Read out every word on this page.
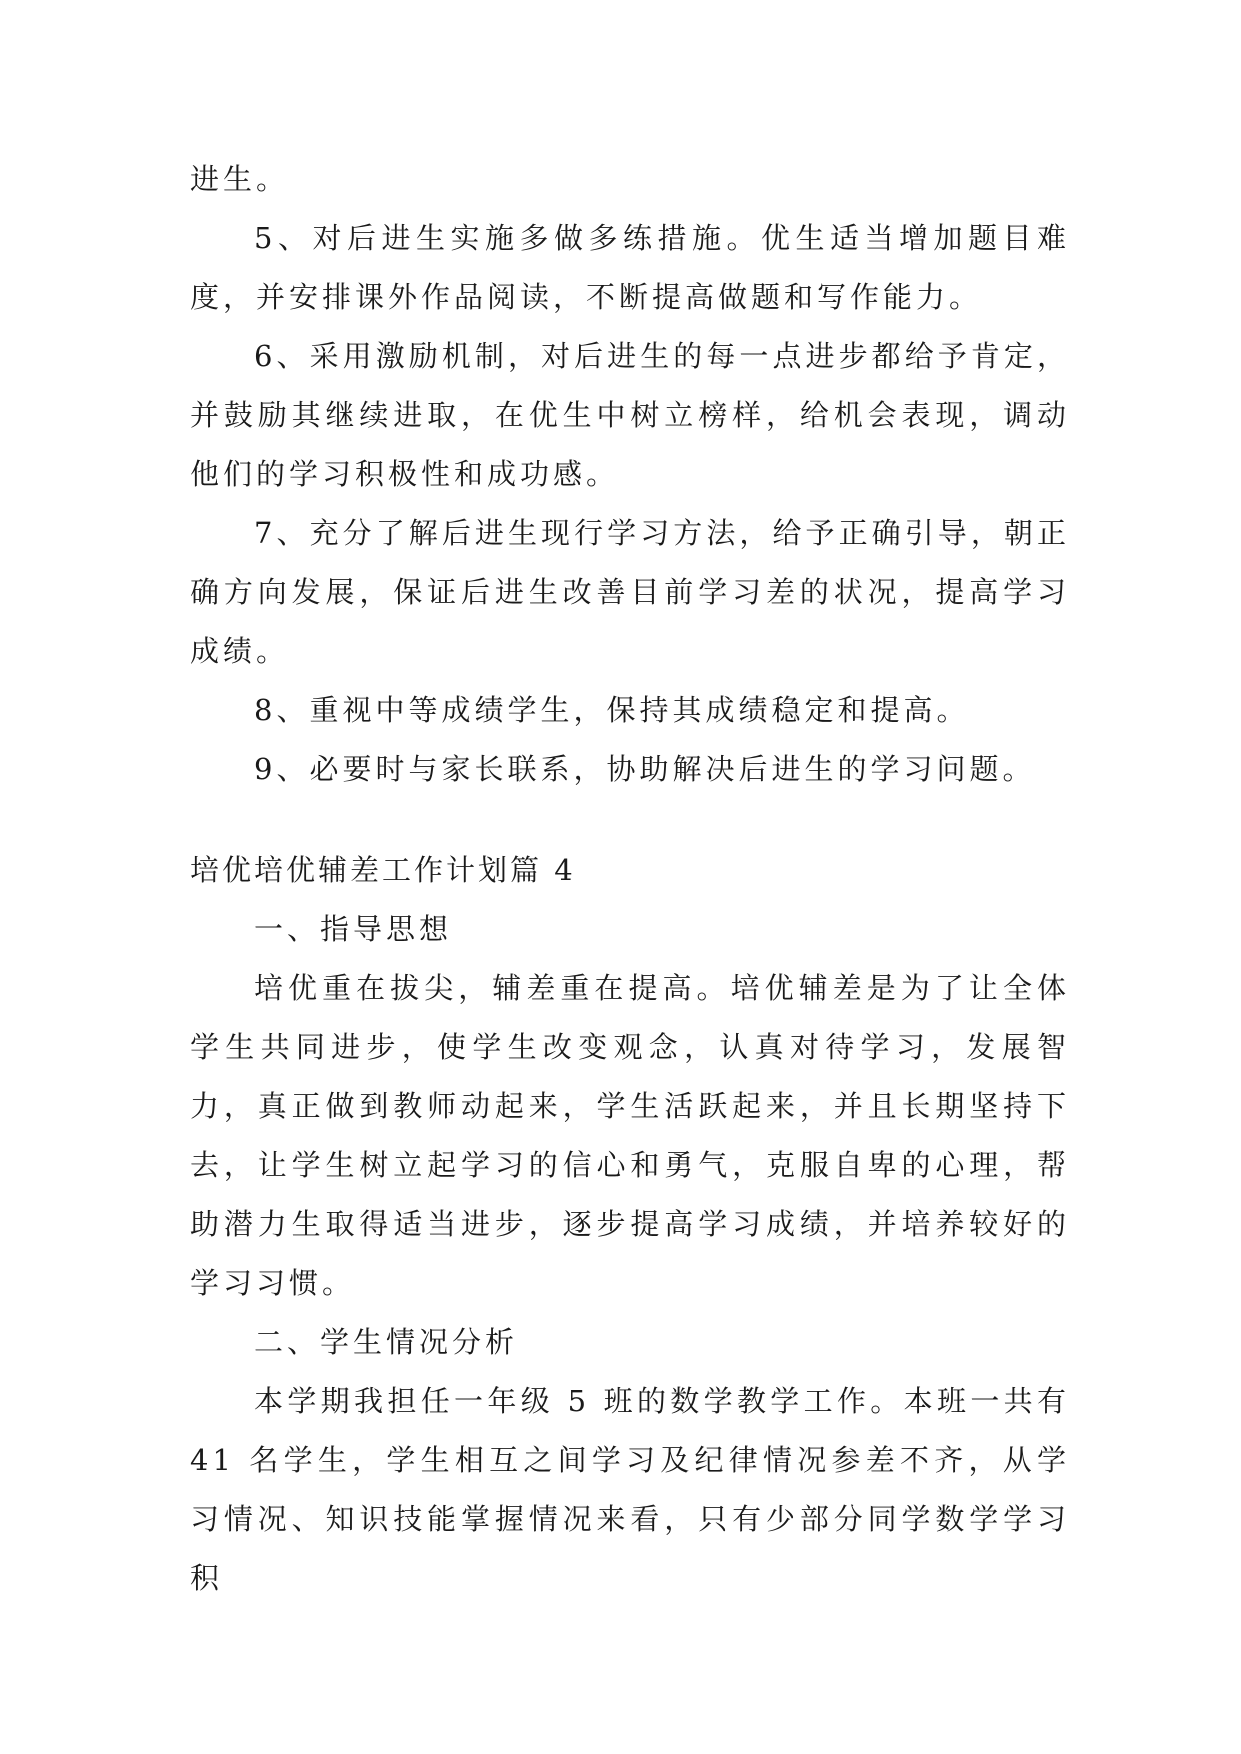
进生。

5、对后进生实施多做多练措施。优生适当增加题目难度，并安排课外作品阅读，不断提高做题和写作能力。

6、采用激励机制，对后进生的每一点进步都给予肯定，并鼓励其继续进取，在优生中树立榜样，给机会表现，调动他们的学习积极性和成功感。

7、充分了解后进生现行学习方法，给予正确引导，朝正确方向发展，保证后进生改善目前学习差的状况，提高学习成绩。

8、重视中等成绩学生，保持其成绩稳定和提高。

9、必要时与家长联系，协助解决后进生的学习问题。

培优培优辅差工作计划篇 4

一、指导思想

培优重在拔尖，辅差重在提高。培优辅差是为了让全体学生共同进步，使学生改变观念，认真对待学习，发展智力，真正做到教师动起来，学生活跃起来，并且长期坚持下去，让学生树立起学习的信心和勇气，克服自卑的心理，帮助潜力生取得适当进步，逐步提高学习成绩，并培养较好的学习习惯。

二、学生情况分析

本学期我担任一年级 5 班的数学教学工作。本班一共有 41 名学生，学生相互之间学习及纪律情况参差不齐，从学习情况、知识技能掌握情况来看，只有少部分同学数学学习积
